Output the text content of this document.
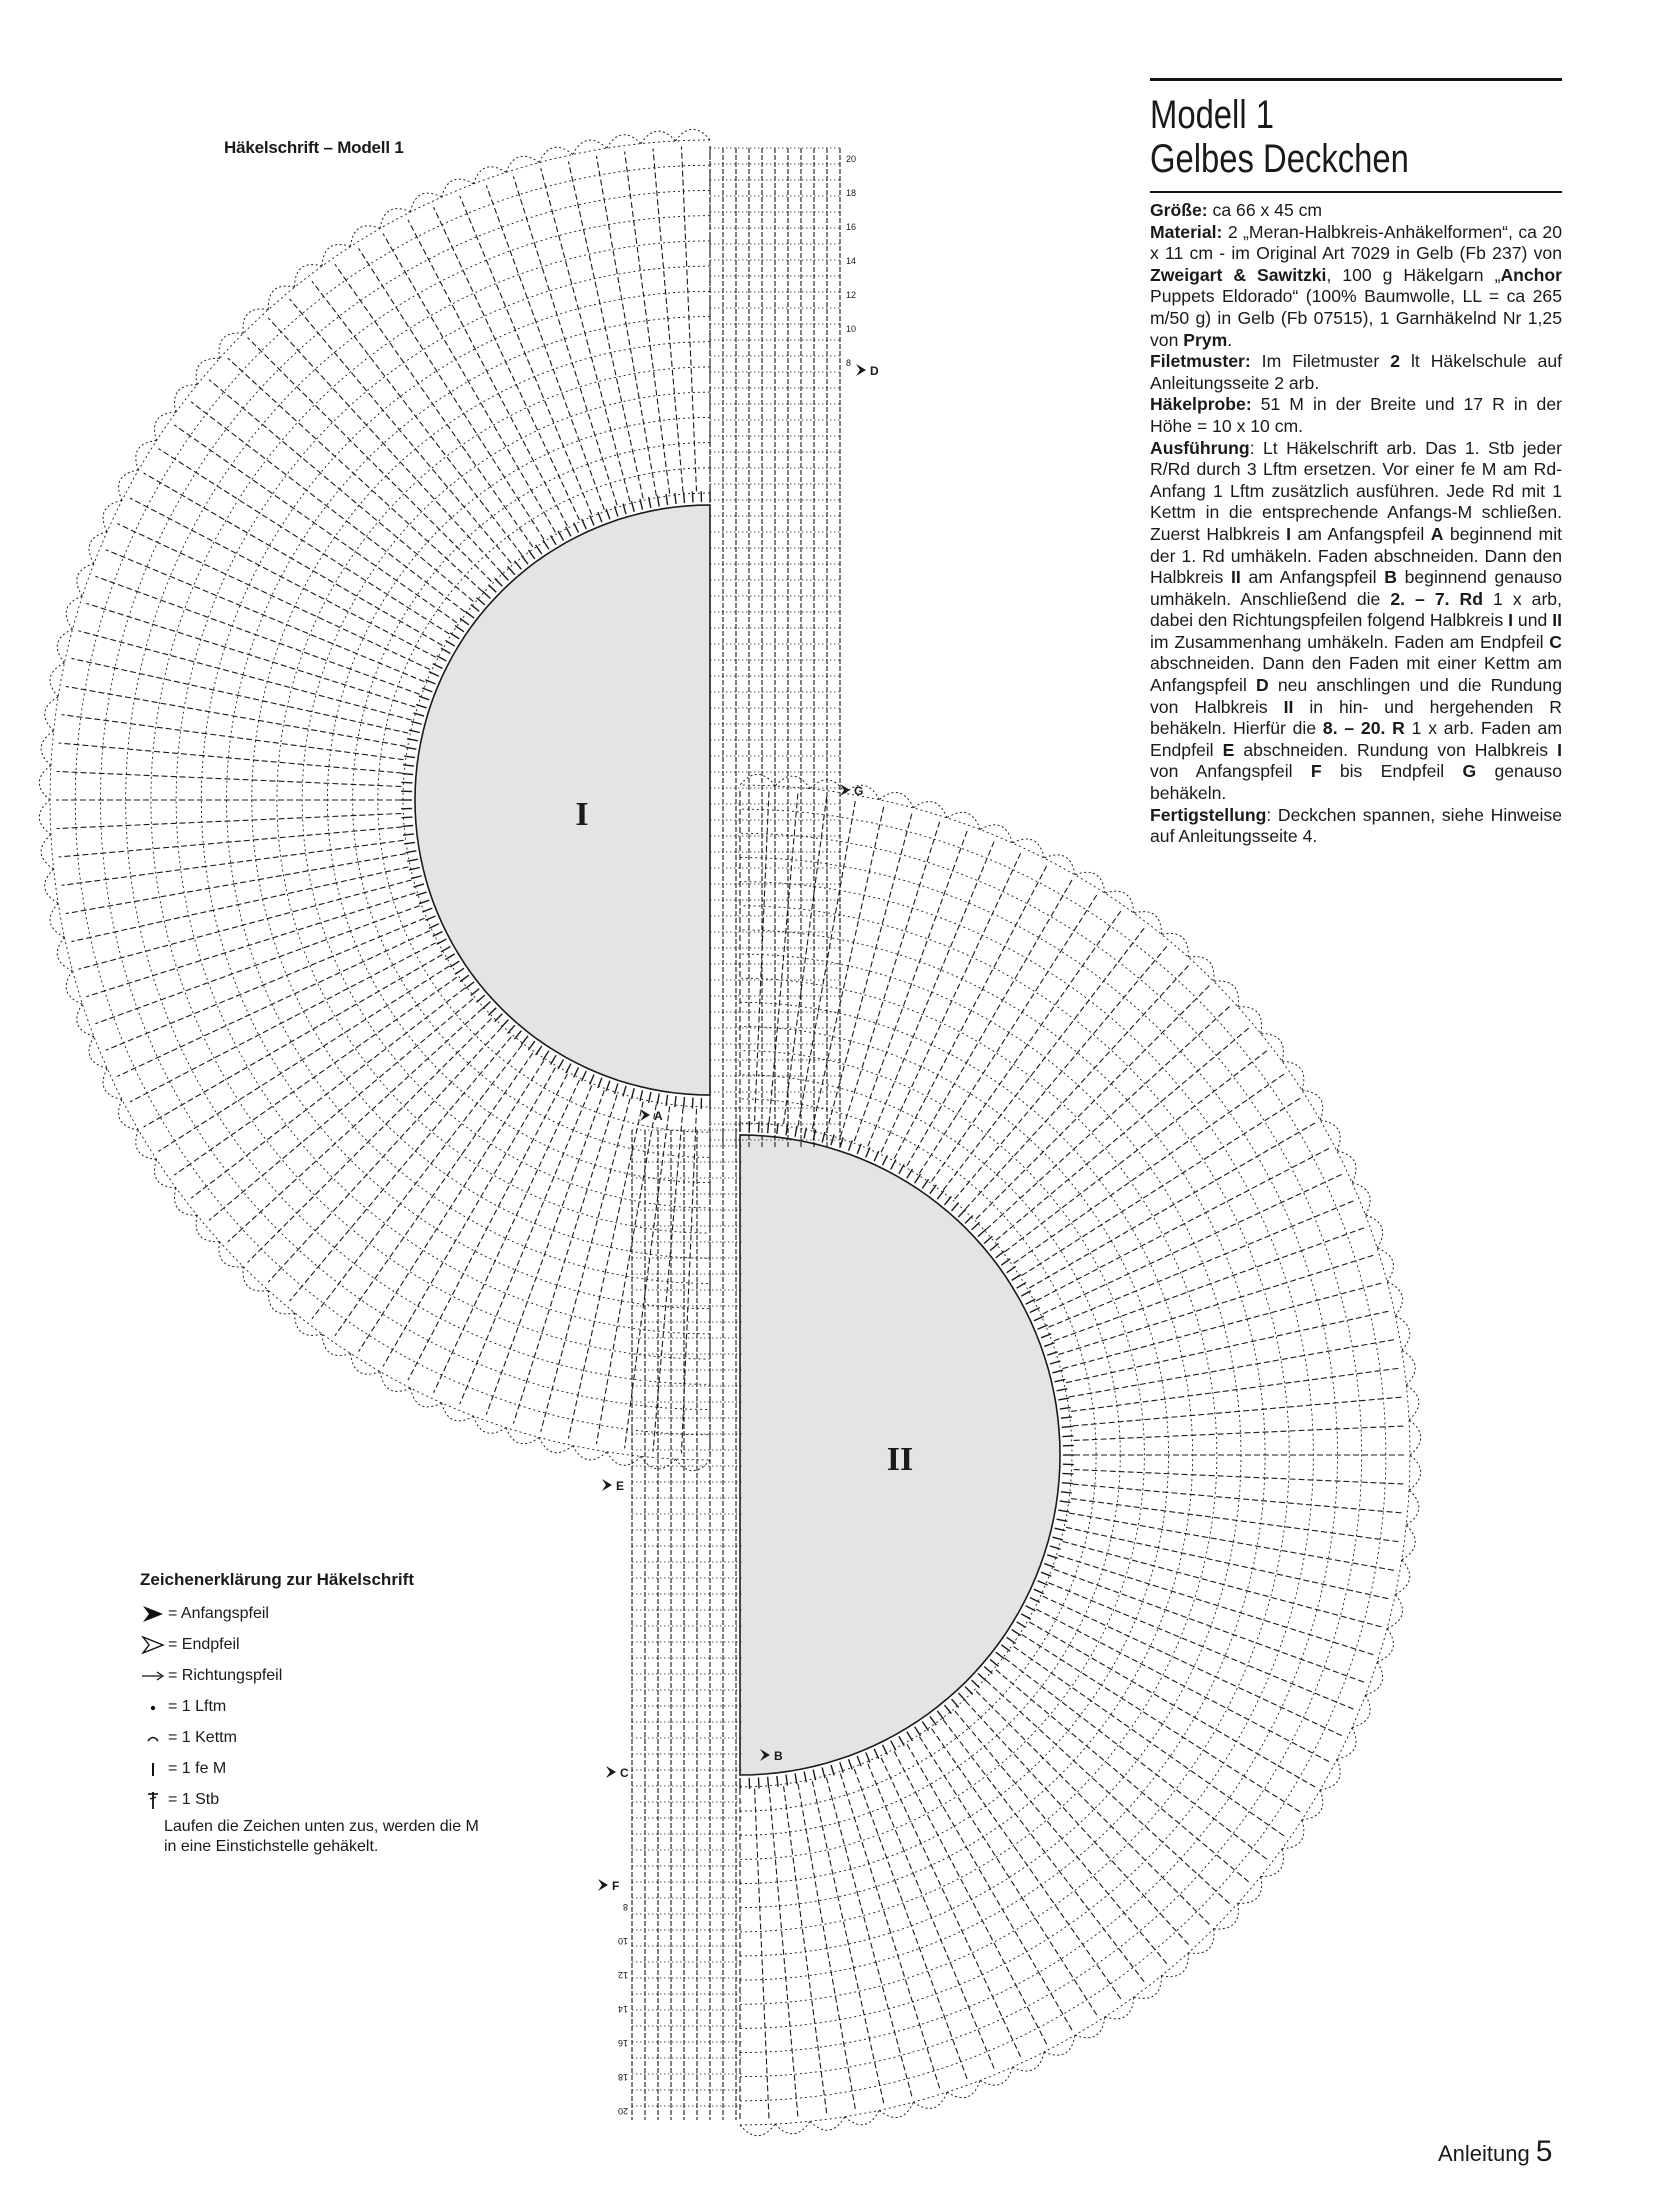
20
18
16
14
12
10
8
8
10
12
14
16
18
20
I
II
A
B
C
D
E
F
G
Häkelschrift – Modell 1
Modell 1
Gelbes Deckchen

Größe: ca 66 x 45 cm

Material: 2 „Meran-Halbkreis-Anhäkelformen“, ca 20 x 11 cm - im Original Art 7029 in Gelb (Fb 237) von Zweigart & Sawitzki, 100 g Häkelgarn „Anchor Puppets Eldorado“ (100% Baumwolle, LL = ca 265 m/50 g) in Gelb (Fb 07515), 1 Garnhäkelnd Nr 1,25 von Prym.

Filetmuster: Im Filetmuster 2 lt Häkelschule auf Anleitungsseite 2 arb.

Häkelprobe: 51 M in der Breite und 17 R in der Höhe = 10 x 10 cm.

Ausführung: Lt Häkelschrift arb. Das 1. Stb jeder R/Rd durch 3 Lftm ersetzen. Vor einer fe M am Rd-Anfang 1 Lftm zusätzlich ausführen. Jede Rd mit 1 Kettm in die entsprechende Anfangs-M schließen. Zuerst Halbkreis I am Anfangspfeil A beginnend mit der 1. Rd umhäkeln. Faden abschneiden. Dann den Halbkreis II am Anfangspfeil B beginnend genauso umhäkeln. Anschließend die 2. – 7. Rd 1 x arb, dabei den Richtungspfeilen folgend Halbkreis I und II im Zusammenhang umhäkeln. Faden am Endpfeil C abschneiden. Dann den Faden mit einer Kettm am Anfangspfeil D neu anschlingen und die Rundung von Halbkreis II in hin- und hergehenden R behäkeln. Hierfür die 8. – 20. R 1 x arb. Faden am Endpfeil E abschneiden. Rundung von Halbkreis I von Anfangspfeil F bis Endpfeil G genauso behäkeln.

Fertigstellung: Deckchen spannen, siehe Hinweise auf Anleitungsseite 4.

Zeichenerklärung zur Häkelschrift
= Anfangspfeil
= Endpfeil
= Richtungspfeil
= 1 Lftm
= 1 Kettm
= 1 fe M
= 1 Stb
Laufen die Zeichen unten zus, werden die M in eine Einstichstelle gehäkelt.
Anleitung 5
